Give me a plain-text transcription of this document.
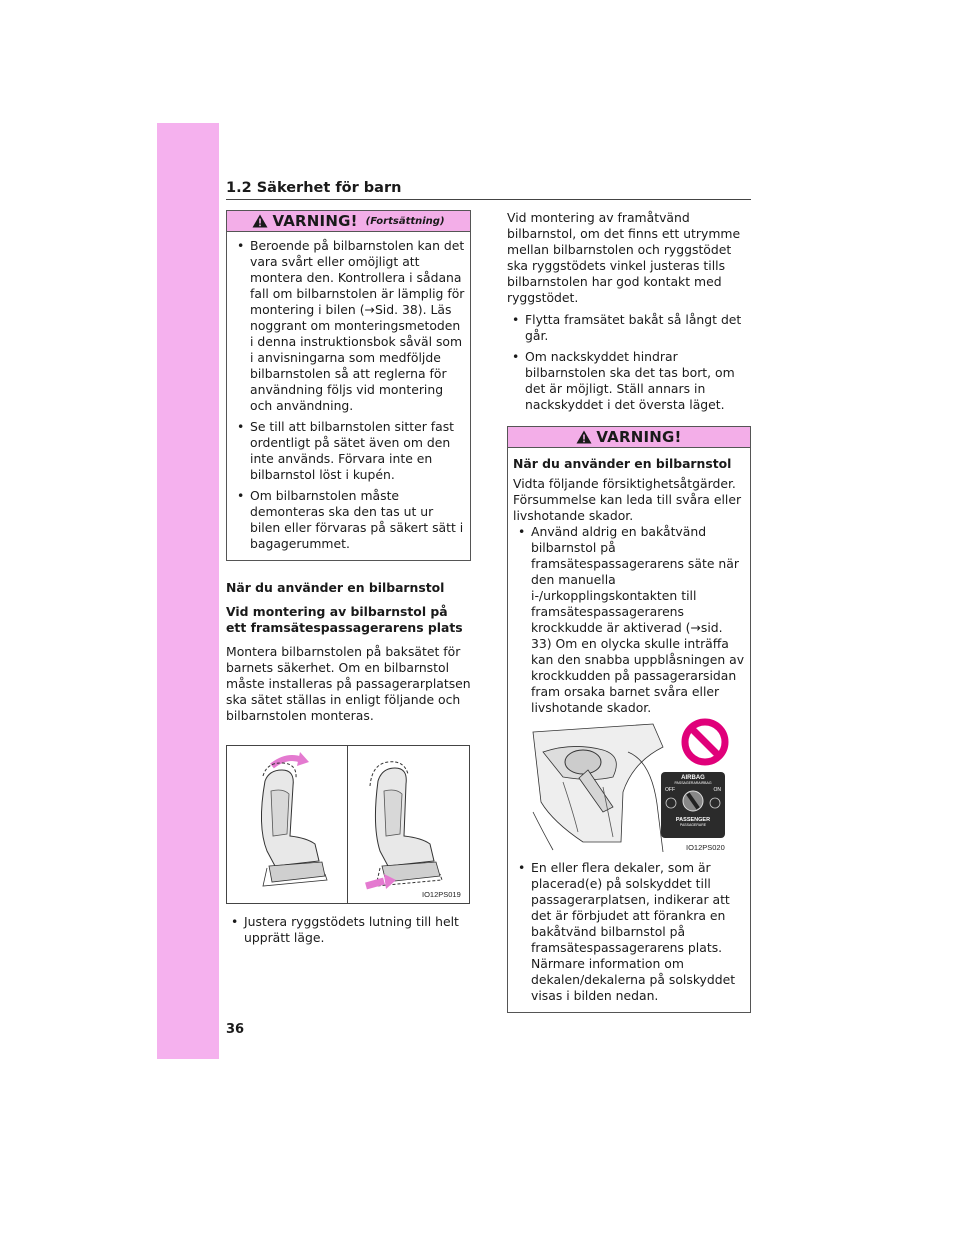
1.2 Säkerhet för barn
VARNING! (Fortsättning)
• Beroende på bilbarnstolen kan det vara svårt eller omöjligt att montera den. Kontrollera i sådana fall om bilbarnstolen är lämplig för montering i bilen (→Sid. 38). Läs noggrant om monteringsmetoden i denna instruktionsbok såväl som i anvisningarna som medföljde bilbarnstolen så att reglerna för användning följs vid montering och användning.
• Se till att bilbarnstolen sitter fast ordentligt på sätet även om den inte används. Förvara inte en bilbarnstol löst i kupén.
• Om bilbarnstolen måste demonteras ska den tas ut ur bilen eller förvaras på säkert sätt i bagagerummet.

När du använder en bilbarnstol

Vid montering av bilbarnstol på ett framsätespassagerarens plats

Montera bilbarnstolen på baksätet för barnets säkerhet. Om en bilbarnstol måste installeras på passagerarplatsen ska sätet ställas in enligt följande och bilbarnstolen monteras.

IO12PS019
• Justera ryggstödets lutning till helt upprätt läge.

Vid montering av framåtvänd bilbarnstol, om det finns ett utrymme mellan bilbarnstolen och ryggstödet ska ryggstödets vinkel justeras tills bilbarnstolen har god kontakt med ryggstödet.

• Flytta framsätet bakåt så långt det går.
• Om nackskyddet hindrar bilbarnstolen ska det tas bort, om det är möjligt. Ställ annars in nackskyddet i det översta läget.
VARNING!

När du använder en bilbarnstol

Vidta följande försiktighetsåtgärder. Försummelse kan leda till svåra eller livshotande skador.

• Använd aldrig en bakåtvänd bilbarnstol på framsätespassagerarens säte när den manuella i-/urkopplingskontakten till framsätespassagerarens krockkudde är aktiverad (→sid. 33) Om en olycka skulle inträffa kan den snabba uppblåsningen av krockkudden på passagerarsidan fram orsaka barnet svåra eller livshotande skador.
AIRBAG
PASSAGERARAIRBAG
OFF	ON
PASSENGER
PASSAGERARE
IO12PS020
• En eller flera dekaler, som är placerad(e) på solskyddet till passagerarplatsen, indikerar att det är förbjudet att förankra en bakåtvänd bilbarnstol på framsätespassagerarens plats. Närmare information om dekalen/dekalerna på solskyddet visas i bilden nedan.
36
